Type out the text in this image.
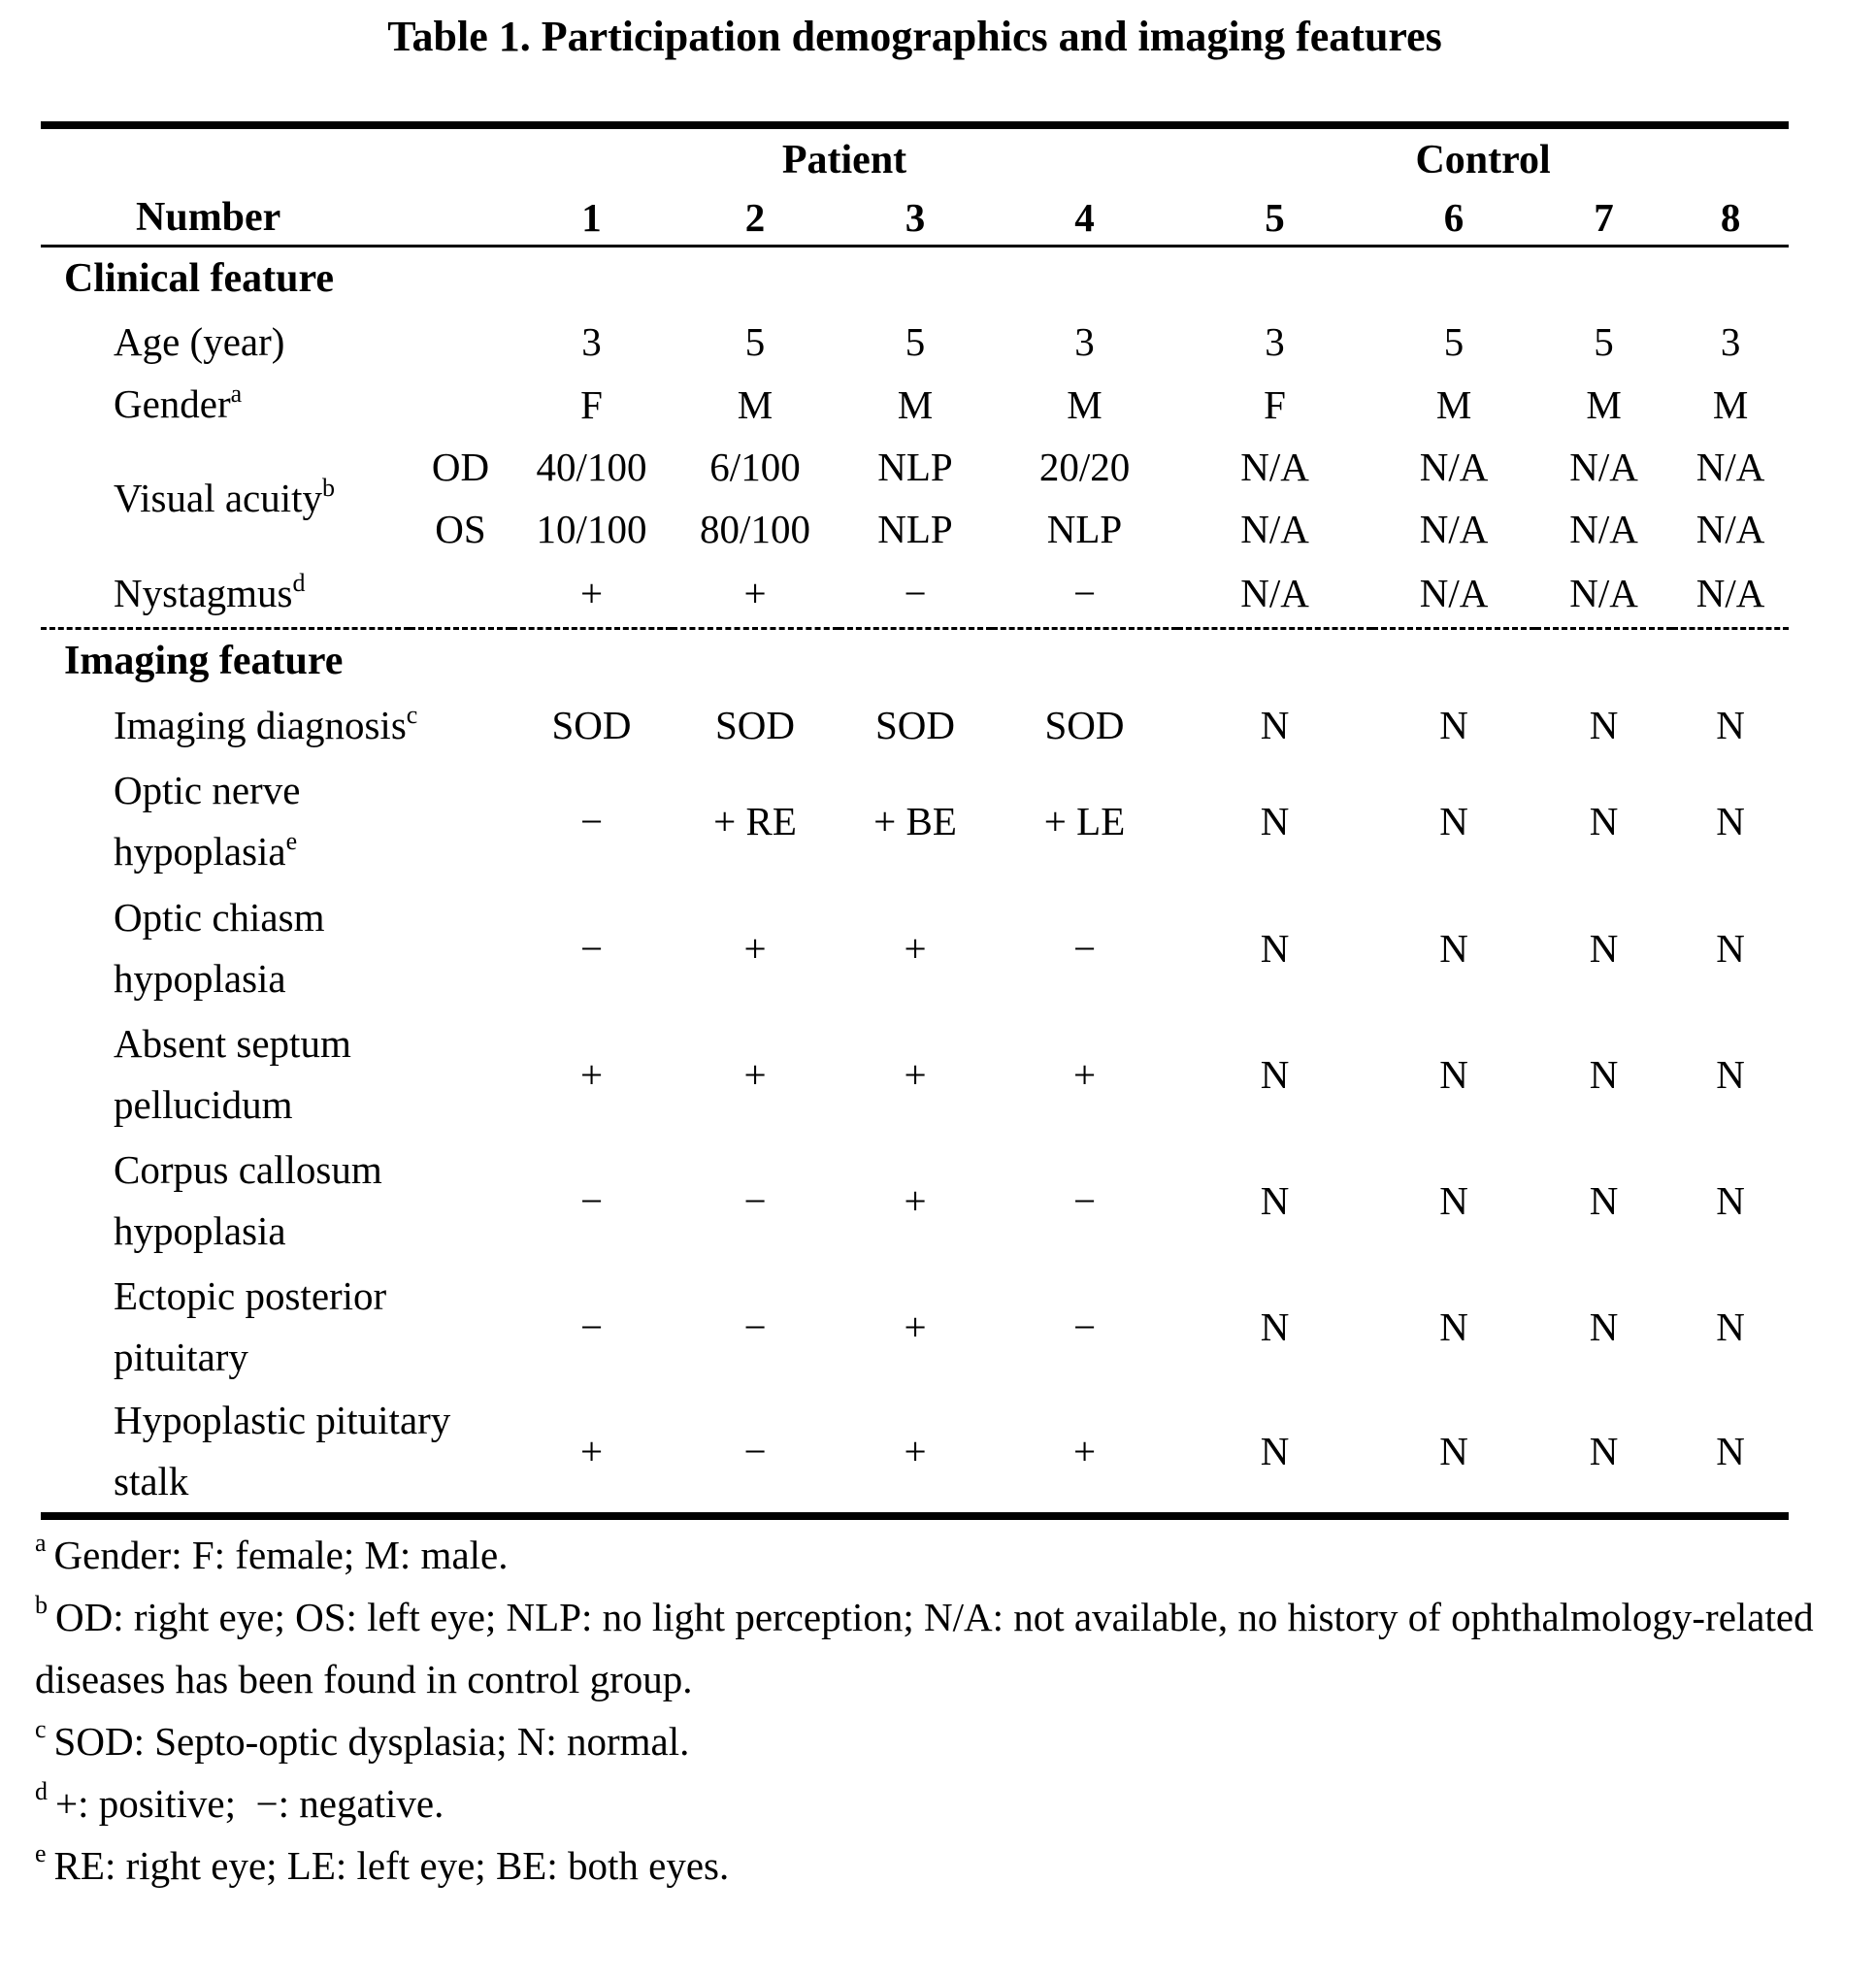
Table 1. Participation demographics and imaging features
		Patient				Control			
Number		1	2	3	4	5	6	7	8
Clinical feature									

Age (year)		3	5	5	3	3	5	5	3

Gender$^a$		F	M	M	M	F	M	M	M

Visual acuity$^b$	OD	40/100	6/100	NLP	20/20	N/A	N/A	N/A	N/A
	OS	10/100	80/100	NLP	NLP	N/A	N/A	N/A	N/A

Nystagmus$^d$		+	+	−	−	N/A	N/A	N/A	N/A
Imaging feature									

Imaging diagnosis$^c$		SOD	SOD	SOD	SOD	N	N	N	N

Optic nerve
hypoplasia$^e$		−	+ RE	+ BE	+ LE	N	N	N	N

Optic chiasm
hypoplasia		−	+	+	−	N	N	N	N

Absent septum
pellucidum		+	+	+	+	N	N	N	N

Corpus callosum
hypoplasia		−	−	+	−	N	N	N	N

Ectopic posterior
pituitary		−	−	+	−	N	N	N	N

Hypoplastic pituitary
stalk		+	−	+	+	N	N	N	N

$^a$ Gender: F: female; M: male.

$^b$ OD: right eye; OS: left eye; NLP: no light perception; N/A: not available, no history of ophthalmology-related diseases has been found in control group.

$^c$ SOD: Septo-optic dysplasia; N: normal.

$^d$ +: positive;  −: negative.

$^e$ RE: right eye; LE: left eye; BE: both eyes.
